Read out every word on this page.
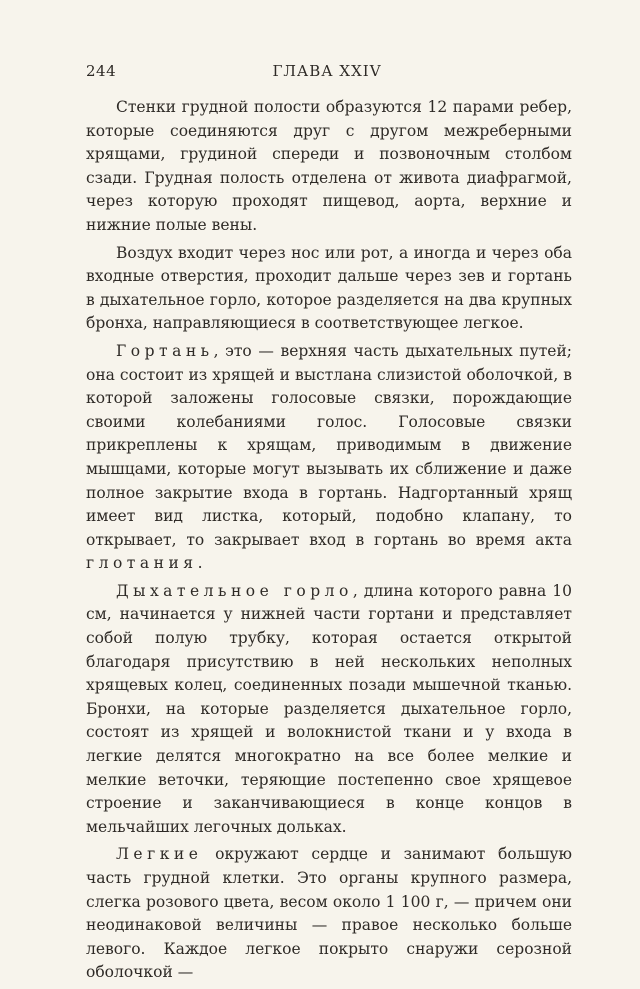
244	ГЛАВА XXIV

Стенки грудной полости образуются 12 парами ребер, которые соединяются друг с другом межреберными хрящами, грудиной спереди и позвоночным столбом сзади. Грудная полость отделена от живота диафрагмой, через которую проходят пищевод, аорта, верхние и нижние полые вены.

Воздух входит через нос или рот, а иногда и через оба входные отверстия, проходит дальше через зев и гортань в дыхательное горло, которое разделяется на два крупных бронха, направляющиеся в соответствующее легкое.

Гортань, это — верхняя часть дыхательных путей; она состоит из хрящей и выстлана слизистой оболочкой, в которой заложены голосовые связки, порождающие своими колебаниями голос. Голосовые связки прикреплены к хрящам, приводимым в движение мышцами, которые могут вызывать их сближение и даже полное закрытие входа в гортань. Надгортанный хрящ имеет вид листка, который, подобно клапану, то открывает, то закрывает вход в гортань во время акта глотания.

Дыхательное горло, длина которого равна 10 см, начинается у нижней части гортани и представляет собой полую трубку, которая остается открытой благодаря присутствию в ней нескольких неполных хрящевых колец, соединенных позади мышечной тканью. Бронхи, на которые разделяется дыхательное горло, состоят из хрящей и волокнистой ткани и у входа в легкие делятся многократно на все более мелкие и мелкие веточки, теряющие постепенно свое хрящевое строение и заканчивающиеся в конце концов в мельчайших легочных дольках.

Легкие окружают сердце и занимают большую часть грудной клетки. Это органы крупного размера, слегка розового цвета, весом около 1 100 г, — причем они неодинаковой величины — правое несколько больше левого. Каждое легкое покрыто снаружи серозной оболочкой —
